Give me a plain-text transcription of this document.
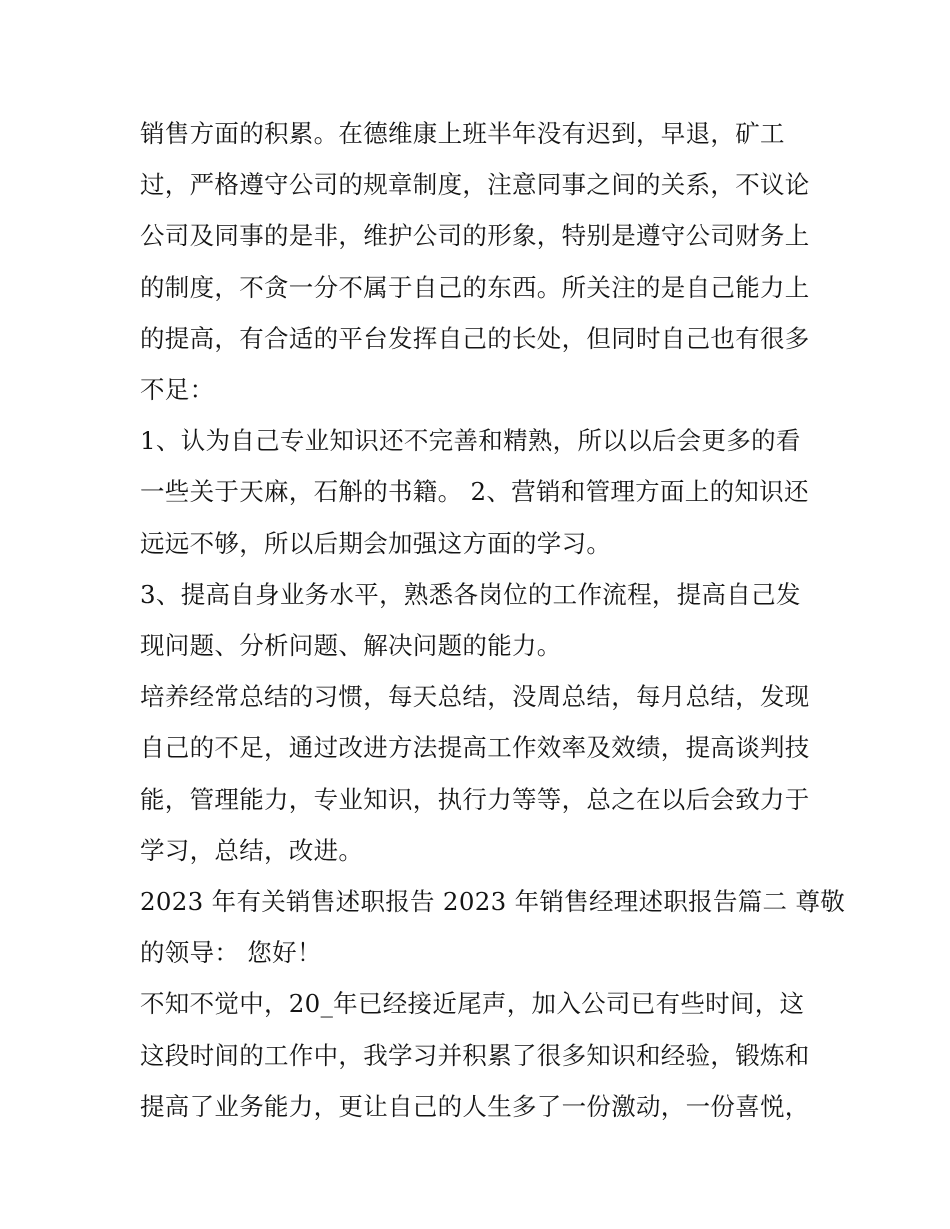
销售方面的积累。在德维康上班半年没有迟到，早退，矿工

过，严格遵守公司的规章制度，注意同事之间的关系，不议论

公司及同事的是非，维护公司的形象，特别是遵守公司财务上

的制度，不贪一分不属于自己的东西。所关注的是自己能力上

的提高，有合适的平台发挥自己的长处，但同时自己也有很多

不足：

1、认为自己专业知识还不完善和精熟，所以以后会更多的看

一些关于天麻，石斛的书籍。 2、营销和管理方面上的知识还

远远不够，所以后期会加强这方面的学习。

3、提高自身业务水平，熟悉各岗位的工作流程，提高自己发

现问题、分析问题、解决问题的能力。

培养经常总结的习惯，每天总结，没周总结，每月总结，发现

自己的不足，通过改进方法提高工作效率及效绩，提高谈判技

能，管理能力，专业知识，执行力等等，总之在以后会致力于

学习，总结，改进。

2023 年有关销售述职报告 2023 年销售经理述职报告篇二 尊敬

的领导： 您好！

不知不觉中，20_年已经接近尾声，加入公司已有些时间，这

这段时间的工作中，我学习并积累了很多知识和经验，锻炼和

提高了业务能力，更让自己的人生多了一份激动，一份喜悦，
